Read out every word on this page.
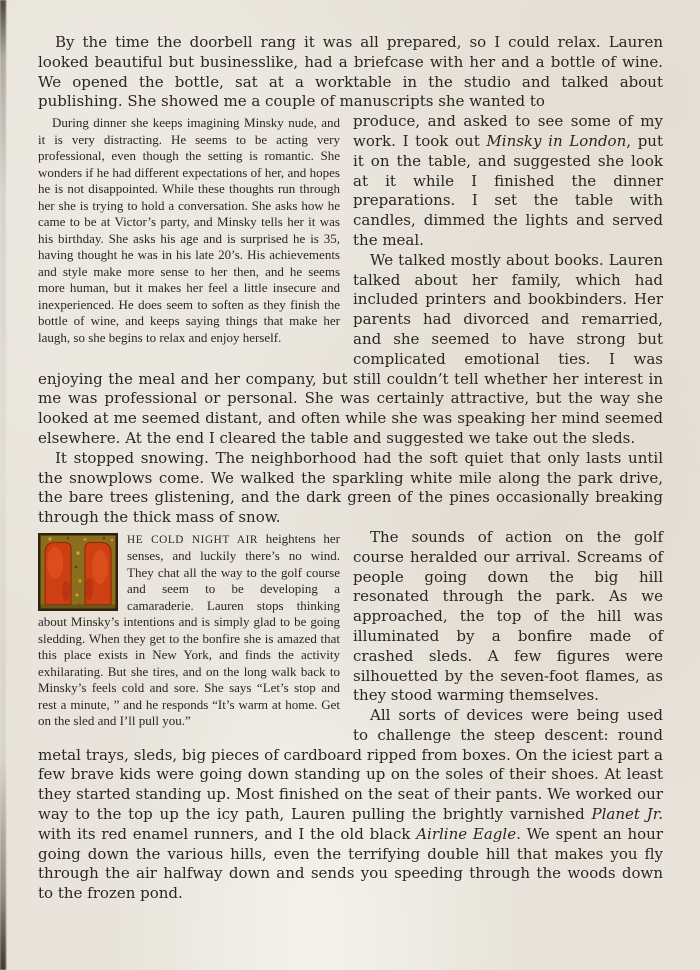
By the time the doorbell rang it was all prepared, so I could relax. Lauren looked beautiful but businesslike, had a briefcase with her and a bottle of wine. We opened the bottle, sat at a worktable in the studio and talked about publishing. She showed me a couple of manuscripts she wanted to

During dinner she keeps imagining Minsky nude, and it is very distracting. He seems to be acting very professional, even though the setting is romantic. She wonders if he had different expectations of her, and hopes he is not disappointed. While these thoughts run through her she is trying to hold a conversation. She asks how he came to be at Victor’s party, and Minsky tells her it was his birthday. She asks his age and is surprised he is 35, having thought he was in his late 20’s. His achievements and style make more sense to her then, and he seems more human, but it makes her feel a little insecure and inexperienced. He does seem to soften as they finish the bottle of wine, and keeps saying things that make her laugh, so she begins to relax and enjoy herself.

produce, and asked to see some of my work. I took out Minsky in London, put it on the table, and suggested she look at it while I finished the dinner preparations. I set the table with candles, dimmed the lights and served the meal.

We talked mostly about books. Lauren talked about her family, which had included printers and bookbinders. Her parents had divorced and remarried, and she seemed to have strong but complicated emotional ties. I was enjoying the meal and her company, but still couldn’t tell whether her interest in me was professional or personal. She was certainly attractive, but the way she looked at me seemed distant, and often while she was speaking her mind seemed elsewhere. At the end I cleared the table and suggested we take out the sleds.

It stopped snowing. The neighborhood had the soft quiet that only lasts until the snowplows come. We walked the sparkling white mile along the park drive, the bare trees glistening, and the dark green of the pines occasionally breaking through the thick mass of snow.

HE COLD NIGHT AIR heightens her senses, and luckily there’s no wind. They chat all the way to the golf course and seem to be developing a camaraderie. Lauren stops thinking about Minsky’s intentions and is simply glad to be going sledding. When they get to the bonfire she is amazed that this place exists in New York, and finds the activity exhilarating. But she tires, and on the long walk back to Minsky’s feels cold and sore. She says “Let’s stop and rest a minute, ” and he responds “It’s warm at home. Get on the sled and I’ll pull you.”

The sounds of action on the golf course heralded our arrival. Screams of people going down the big hill resonated through the park. As we approached, the top of the hill was illuminated by a bonfire made of crashed sleds. A few figures were silhouetted by the seven-foot flames, as they stood warming themselves.

All sorts of devices were being used to challenge the steep descent: round metal trays, sleds, big pieces of cardboard ripped from boxes. On the iciest part a few brave kids were going down standing up on the soles of their shoes. At least they started standing up. Most finished on the seat of their pants. We worked our way to the top up the icy path, Lauren pulling the brightly varnished Planet Jr. with its red enamel runners, and I the old black Airline Eagle. We spent an hour going down the various hills, even the terrifying double hill that makes you fly through the air halfway down and sends you speeding through the woods down to the frozen pond.
